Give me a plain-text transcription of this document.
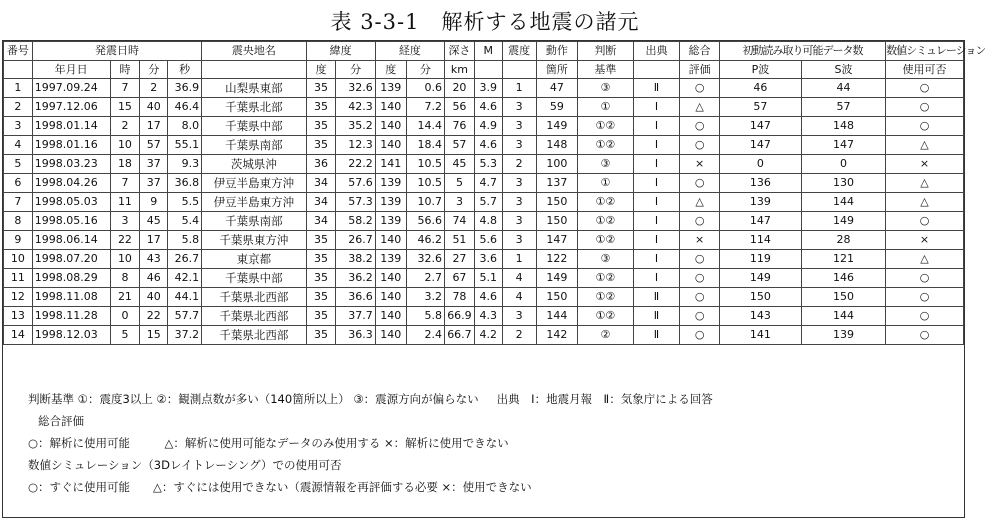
表 3-3-1　解析する地震の諸元
番号	発震日時				震央地名	緯度		経度		深さ	M	震度	動作	判断	出典	総合	初動読み取り可能データ数		数値シミュレーション
	年月日	時	分	秒		度	分	度	分	km			箇所	基準		評価	P波	S波	使用可否
1	1997.09.24	7	2	36.9	山梨県東部	35	32.6	139	0.6	20	3.9	1	47	③	Ⅱ	○	46	44	○
2	1997.12.06	15	40	46.4	千葉県北部	35	42.3	140	7.2	56	4.6	3	59	①	Ⅰ	△	57	57	○
3	1998.01.14	2	17	8.0	千葉県中部	35	35.2	140	14.4	76	4.9	3	149	①②	Ⅰ	○	147	148	○
4	1998.01.16	10	57	55.1	千葉県南部	35	12.3	140	18.4	57	4.6	3	148	①②	Ⅰ	○	147	147	△
5	1998.03.23	18	37	9.3	茨城県沖	36	22.2	141	10.5	45	5.3	2	100	③	Ⅰ	×	0	0	×
6	1998.04.26	7	37	36.8	伊豆半島東方沖	34	57.6	139	10.5	5	4.7	3	137	①	Ⅰ	○	136	130	△
7	1998.05.03	11	9	5.5	伊豆半島東方沖	34	57.3	139	10.7	3	5.7	3	150	①②	Ⅰ	△	139	144	△
8	1998.05.16	3	45	5.4	千葉県南部	34	58.2	139	56.6	74	4.8	3	150	①②	Ⅰ	○	147	149	○
9	1998.06.14	22	17	5.8	千葉県東方沖	35	26.7	140	46.2	51	5.6	3	147	①②	Ⅰ	×	114	28	×
10	1998.07.20	10	43	26.7	東京都	35	38.2	139	32.6	27	3.6	1	122	③	Ⅰ	○	119	121	△
11	1998.08.29	8	46	42.1	千葉県中部	35	36.2	140	2.7	67	5.1	4	149	①②	Ⅰ	○	149	146	○
12	1998.11.08	21	40	44.1	千葉県北西部	35	36.6	140	3.2	78	4.6	4	150	①②	Ⅱ	○	150	150	○
13	1998.11.28	0	22	57.7	千葉県北西部	35	37.7	140	5.8	66.9	4.3	3	144	①②	Ⅱ	○	143	144	○
14	1998.12.03	5	15	37.2	千葉県北西部	35	36.3	140	2.4	66.7	4.2	2	142	②	Ⅱ	○	141	139	○
判断基準 ①：震度3以上 ②：観測点数が多い（140箇所以上） ③：震源方向が偏らない 出典　Ⅰ：地震月報　Ⅱ：気象庁による回答
総合評価
○：解析に使用可能　　　△：解析に使用可能なデータのみ使用する ×：解析に使用できない
数値シミュレーション（3Dレイトレーシング）での使用可否
○：すぐに使用可能　　△：すぐには使用できない（震源情報を再評価する必要 ×：使用できない
